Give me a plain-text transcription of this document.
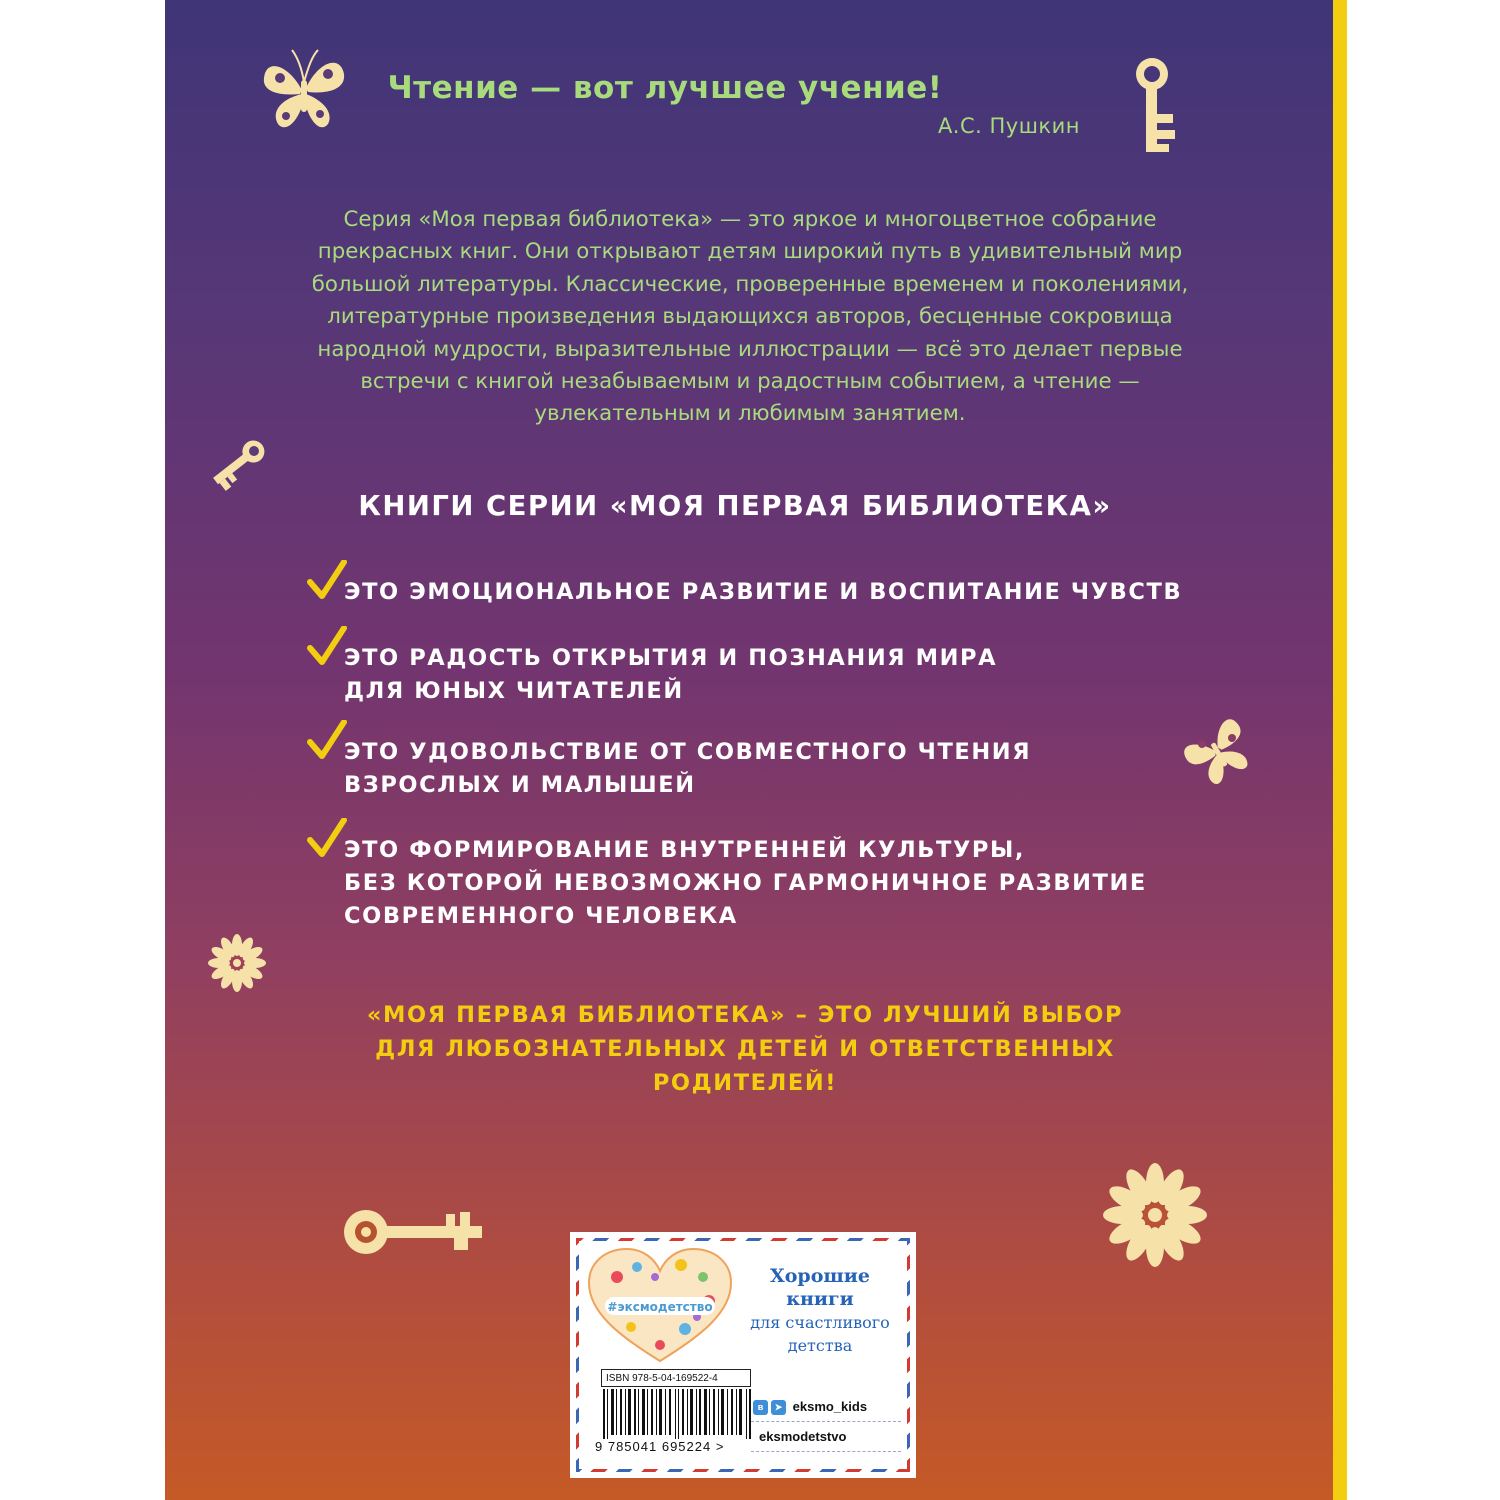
Чтение — вот лучшее учение!
А.С. Пушкин
Серия «Моя первая библиотека» — это яркое и многоцветное собрание
прекрасных книг. Они открывают детям широкий путь в удивительный мир
большой литературы. Классические, проверенные временем и поколениями,
литературные произведения выдающихся авторов, бесценные сокровища
народной мудрости, выразительные иллюстрации — всё это делает первые
встречи с книгой незабываемым и радостным событием, а чтение —
увлекательным и любимым занятием.
КНИГИ СЕРИИ «МОЯ ПЕРВАЯ БИБЛИОТЕКА»
ЭТО ЭМОЦИОНАЛЬНОЕ РАЗВИТИЕ И ВОСПИТАНИЕ ЧУВСТВ
ЭТО РАДОСТЬ ОТКРЫТИЯ И ПОЗНАНИЯ МИРА
ДЛЯ ЮНЫХ ЧИТАТЕЛЕЙ
ЭТО УДОВОЛЬСТВИЕ ОТ СОВМЕСТНОГО ЧТЕНИЯ
ВЗРОСЛЫХ И МАЛЫШЕЙ
ЭТО ФОРМИРОВАНИЕ ВНУТРЕННЕЙ КУЛЬТУРЫ,
БЕЗ КОТОРОЙ НЕВОЗМОЖНО ГАРМОНИЧНОЕ РАЗВИТИЕ
СОВРЕМЕННОГО ЧЕЛОВЕКА
«МОЯ ПЕРВАЯ БИБЛИОТЕКА» – ЭТО ЛУЧШИЙ ВЫБОР
ДЛЯ ЛЮБОЗНАТЕЛЬНЫХ ДЕТЕЙ И ОТВЕТСТВЕННЫХ
РОДИТЕЛЕЙ!
#эксмодетство
Хорошие
книги
для счастливого
детства
ISBN 978-5-04-169522-4
9 785041 695224 >
в ➤ eksmo_kids
eksmodetstvo
